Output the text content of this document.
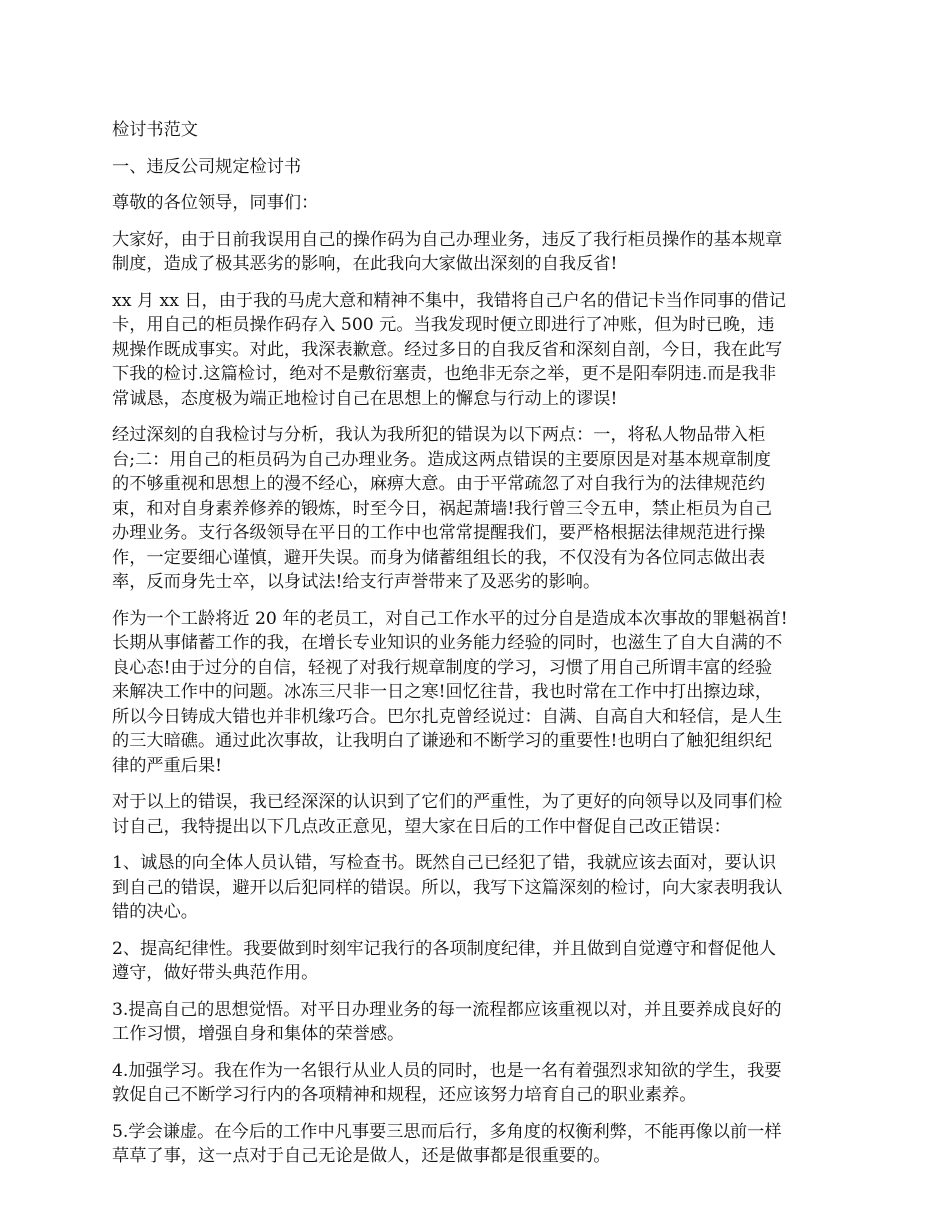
检讨书范文

一、违反公司规定检讨书

尊敬的各位领导，同事们：

大家好，由于日前我误用自己的操作码为自己办理业务，违反了我行柜员操作的基本规章
制度，造成了极其恶劣的影响，在此我向大家做出深刻的自我反省!

xx 月 xx 日，由于我的马虎大意和精神不集中，我错将自己户名的借记卡当作同事的借记
卡，用自己的柜员操作码存入 500 元。当我发现时便立即进行了冲账，但为时已晚，违
规操作既成事实。对此，我深表歉意。经过多日的自我反省和深刻自剖，今日，我在此写
下我的检讨.这篇检讨，绝对不是敷衍塞责，也绝非无奈之举，更不是阳奉阴违.而是我非
常诚恳，态度极为端正地检讨自己在思想上的懈怠与行动上的谬误!

经过深刻的自我检讨与分析，我认为我所犯的错误为以下两点：一，将私人物品带入柜
台;二：用自己的柜员码为自己办理业务。造成这两点错误的主要原因是对基本规章制度
的不够重视和思想上的漫不经心，麻痹大意。由于平常疏忽了对自我行为的法律规范约
束，和对自身素养修养的锻炼，时至今日，祸起萧墙!我行曾三令五申，禁止柜员为自己
办理业务。支行各级领导在平日的工作中也常常提醒我们，要严格根据法律规范进行操
作，一定要细心谨慎，避开失误。而身为储蓄组组长的我，不仅没有为各位同志做出表
率，反而身先士卒，以身试法!给支行声誉带来了及恶劣的影响。

作为一个工龄将近 20 年的老员工，对自己工作水平的过分自是造成本次事故的罪魁祸首!
长期从事储蓄工作的我，在增长专业知识的业务能力经验的同时，也滋生了自大自满的不
良心态!由于过分的自信，轻视了对我行规章制度的学习，习惯了用自己所谓丰富的经验
来解决工作中的问题。冰冻三尺非一日之寒!回忆往昔，我也时常在工作中打出擦边球，
所以今日铸成大错也并非机缘巧合。巴尔扎克曾经说过：自满、自高自大和轻信，是人生
的三大暗礁。通过此次事故，让我明白了谦逊和不断学习的重要性!也明白了触犯组织纪
律的严重后果!

对于以上的错误，我已经深深的认识到了它们的严重性，为了更好的向领导以及同事们检
讨自己，我特提出以下几点改正意见，望大家在日后的工作中督促自己改正错误：

1、诚恳的向全体人员认错，写检查书。既然自己已经犯了错，我就应该去面对，要认识
到自己的错误，避开以后犯同样的错误。所以，我写下这篇深刻的检讨，向大家表明我认
错的决心。

2、提高纪律性。我要做到时刻牢记我行的各项制度纪律，并且做到自觉遵守和督促他人
遵守，做好带头典范作用。

3.提高自己的思想觉悟。对平日办理业务的每一流程都应该重视以对，并且要养成良好的
工作习惯，增强自身和集体的荣誉感。

4.加强学习。我在作为一名银行从业人员的同时，也是一名有着强烈求知欲的学生，我要
敦促自己不断学习行内的各项精神和规程，还应该努力培育自己的职业素养。

5.学会谦虚。在今后的工作中凡事要三思而后行，多角度的权衡利弊，不能再像以前一样
草草了事，这一点对于自己无论是做人，还是做事都是很重要的。
